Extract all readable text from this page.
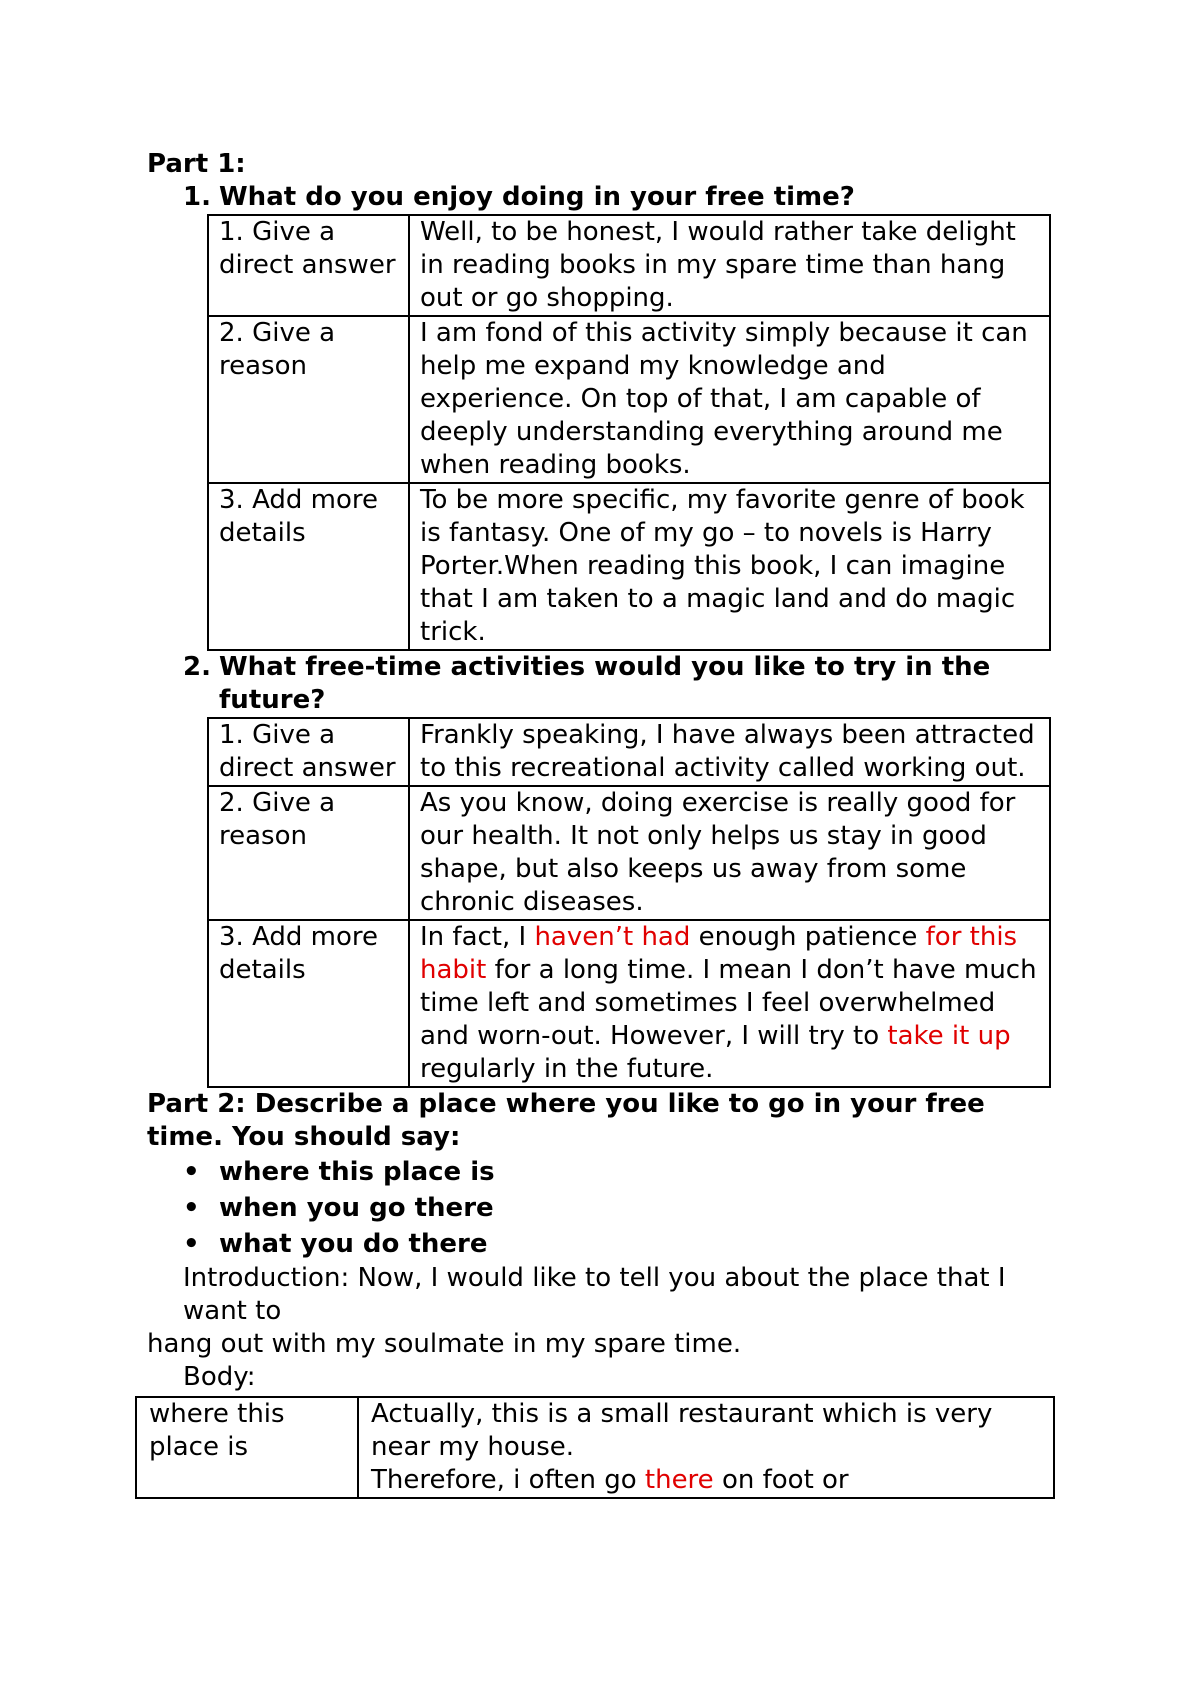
Part 1:

1. What do you enjoy doing in your free time?

1. Give a direct answer	Well, to be honest, I would rather take delight in reading books in my spare time than hang out or go shopping.
2. Give a reason	I am fond of this activity simply because it can help me expand my knowledge and experience. On top of that, I am capable of deeply understanding everything around me when reading books.
3. Add more details	To be more specific, my favorite genre of book is fantasy. One of my go – to novels is Harry Porter.When reading this book, I can imagine that I am taken to a magic land and do magic trick.

2. What free-time activities would you like to try in the future?

1. Give a direct answer	Frankly speaking, I have always been attracted to this recreational activity called working out.
2. Give a reason	As you know, doing exercise is really good for our health. It not only helps us stay in good shape, but also keeps us away from some chronic diseases.
3. Add more details	In fact, I haven’t had enough patience for this habit for a long time. I mean I don’t have much time left and sometimes I feel overwhelmed and worn-out. However, I will try to take it up regularly in the future.

Part 2: Describe a place where you like to go in your free time. You should say:

• where this place is
• when you go there
• what you do there
Introduction: Now, I would like to tell you about the place that I want to
hang out with my soulmate in my spare time.
Body:
where this place is	Actually, this is a small restaurant which is very near my house.
Therefore, i often go there on foot or
